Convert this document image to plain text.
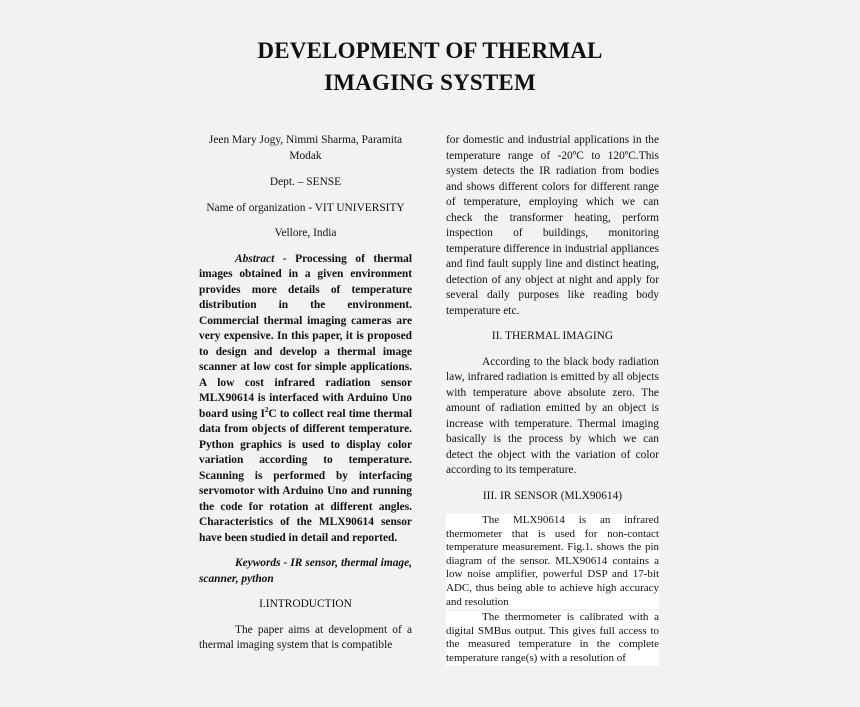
DEVELOPMENT OF THERMAL
IMAGING SYSTEM
Jeen Mary Jogy, Nimmi Sharma, Paramita Modak
Dept. – SENSE
Name of organization - VIT UNIVERSITY
Vellore, India
Abstract - Processing of thermal images obtained in a given environment provides more details of temperature distribution in the environment. Commercial thermal imaging cameras are very expensive. In this paper, it is proposed to design and develop a thermal image scanner at low cost for simple applications. A low cost infrared radiation sensor MLX90614 is interfaced with Arduino Uno board using $I^2C$ to collect real time thermal data from objects of different temperature. Python graphics is used to display color variation according to temperature. Scanning is performed by interfacing servomotor with Arduino Uno and running the code for rotation at different angles. Characteristics of the MLX90614 sensor have been studied in detail and reported.
Keywords - IR sensor, thermal image, scanner, python
I.INTRODUCTION
The paper aims at development of a thermal imaging system that is compatible
for domestic and industrial applications in the temperature range of -20ºC to 120ºC.This system detects the IR radiation from bodies and shows different colors for different range of temperature, employing which we can check the transformer heating, perform inspection of buildings, monitoring temperature difference in industrial appliances and find fault supply line and distinct heating, detection of any object at night and apply for several daily purposes like reading body temperature etc.
II. THERMAL IMAGING
According to the black body radiation law, infrared radiation is emitted by all objects with temperature above absolute zero. The amount of radiation emitted by an object is increase with temperature. Thermal imaging basically is the process by which we can detect the object with the variation of color according to its temperature.
III. IR SENSOR (MLX90614)
The MLX90614 is an infrared thermometer that is used for non-contact temperature measurement. Fig.1. shows the pin diagram of the sensor. MLX90614 contains a low noise amplifier, powerful DSP and 17-bit ADC, thus being able to achieve high accuracy and resolution
The thermometer is calibrated with a digital SMBus output. This gives full access to the measured temperature in the complete temperature range(s) with a resolution of
